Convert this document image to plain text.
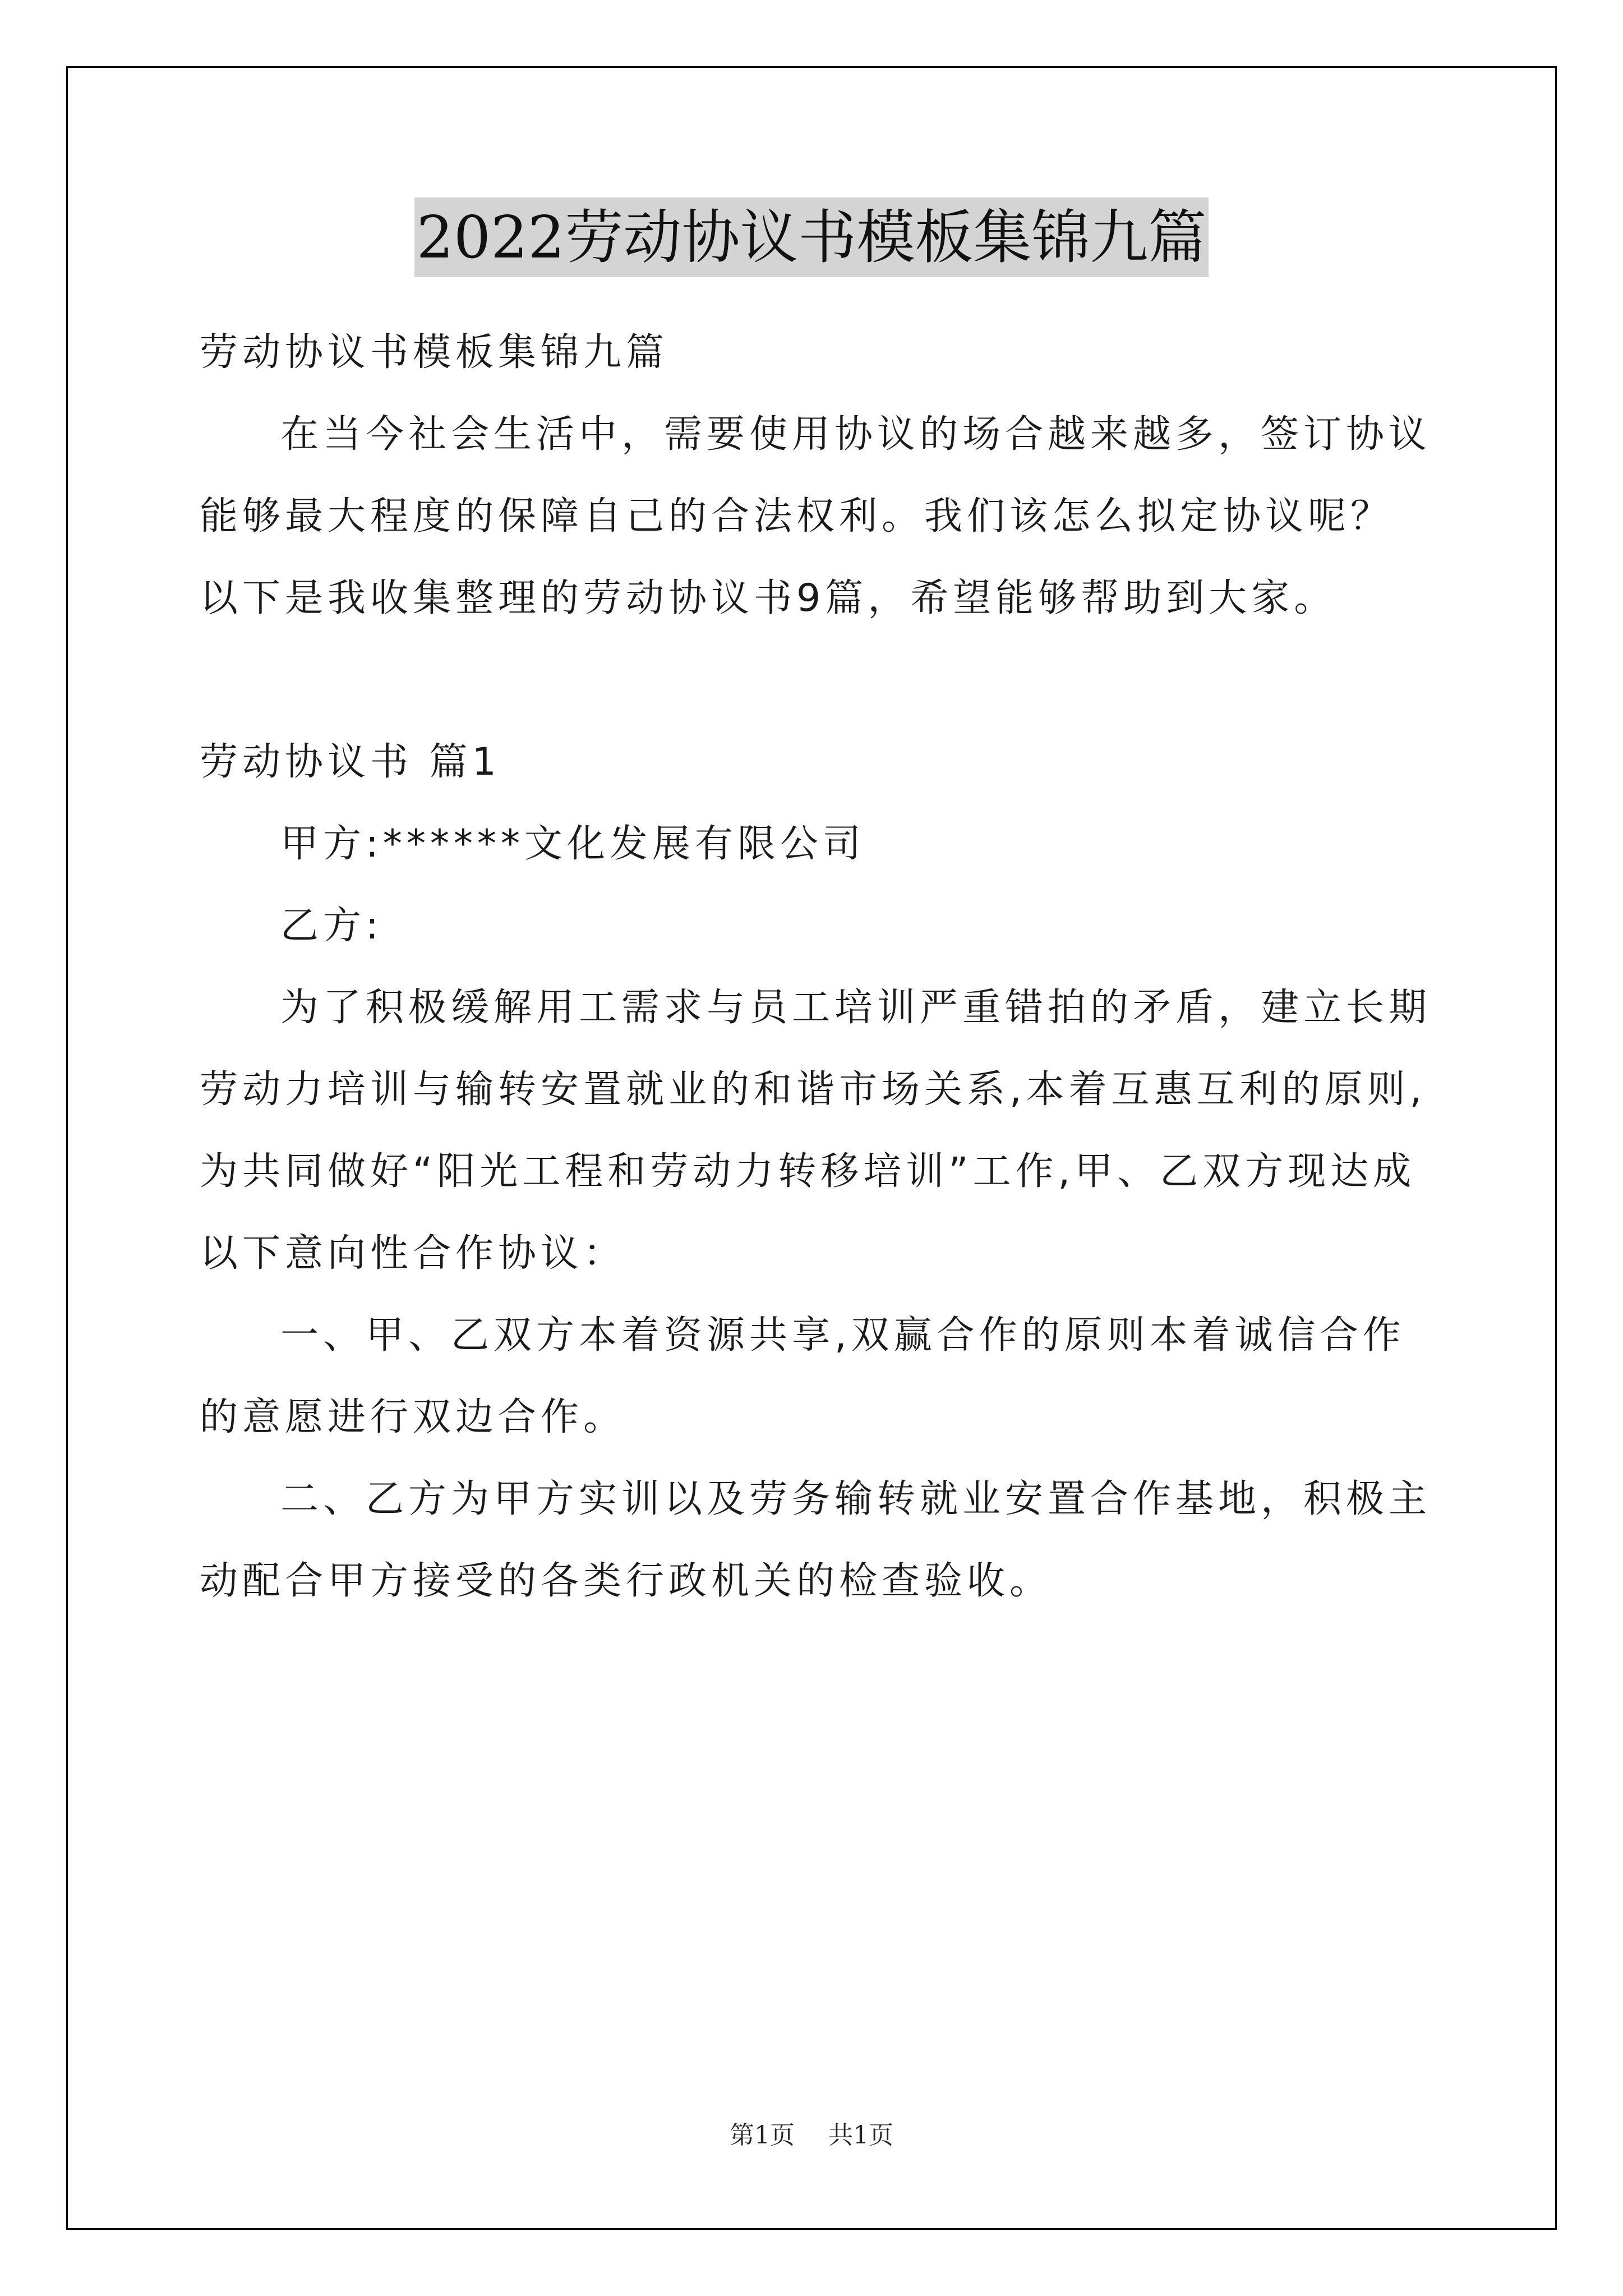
2022劳动协议书模板集锦九篇

劳动协议书模板集锦九篇

在当今社会生活中，需要使用协议的场合越来越多，签订协议能够最大程度的保障自己的合法权利。我们该怎么拟定协议呢？以下是我收集整理的劳动协议书9篇，希望能够帮助到大家。

劳动协议书 篇1

甲方:******文化发展有限公司

乙方:

为了积极缓解用工需求与员工培训严重错拍的矛盾，建立长期劳动力培训与输转安置就业的和谐市场关系,本着互惠互利的原则,为共同做好“阳光工程和劳动力转移培训”工作,甲、乙双方现达成以下意向性合作协议：

一、甲、乙双方本着资源共享,双赢合作的原则本着诚信合作的意愿进行双边合作。

二、乙方为甲方实训以及劳务输转就业安置合作基地，积极主动配合甲方接受的各类行政机关的检查验收。

第1页 共1页
